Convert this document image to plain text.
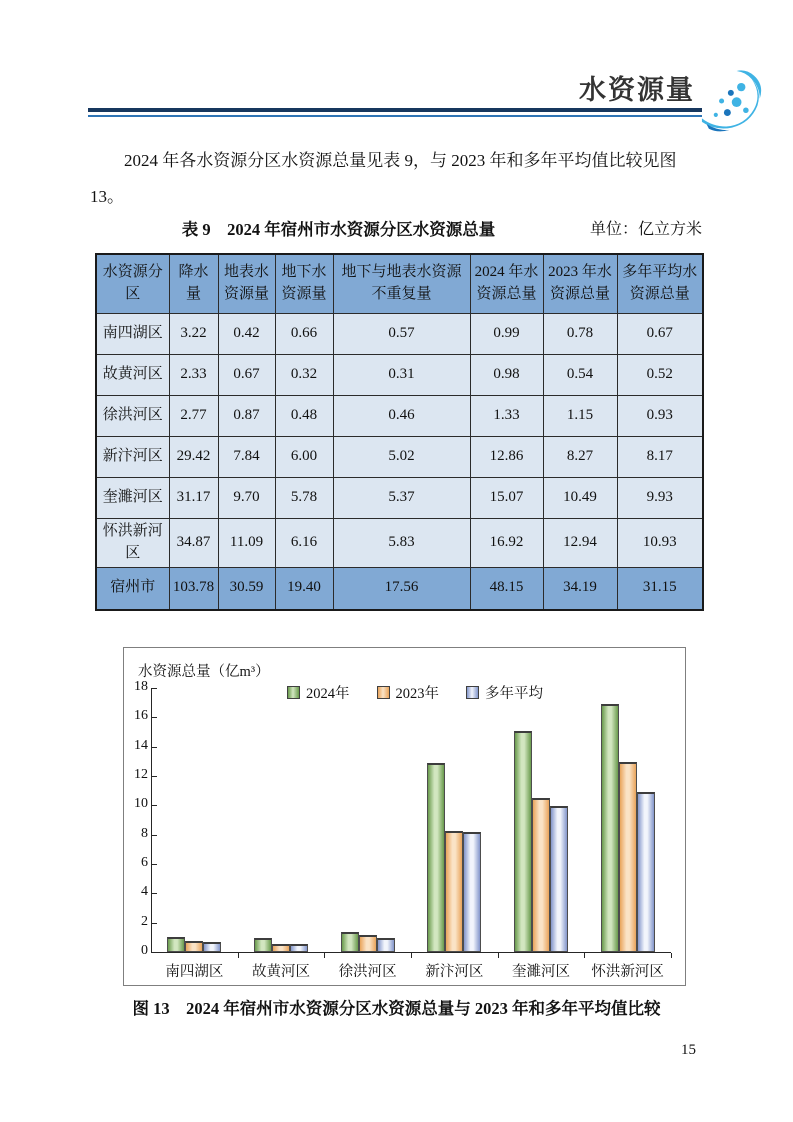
水资源量
2024 年各水资源分区水资源总量见表 9，与 2023 年和多年平均值比较见图
13。
表 9　2024 年宿州市水资源分区水资源总量	单位：亿立方米
水资源分区	降水量	地表水资源量	地下水资源量	地下与地表水资源不重复量	2024 年水资源总量	2023 年水资源总量	多年平均水资源总量
南四湖区	3.22	0.42	0.66	0.57	0.99	0.78	0.67
故黄河区	2.33	0.67	0.32	0.31	0.98	0.54	0.52
徐洪河区	2.77	0.87	0.48	0.46	1.33	1.15	0.93
新汴河区	29.42	7.84	6.00	5.02	12.86	8.27	8.17
奎濉河区	31.17	9.70	5.78	5.37	15.07	10.49	9.93
怀洪新河区	34.87	11.09	6.16	5.83	16.92	12.94	10.93
宿州市	103.78	30.59	19.40	17.56	48.15	34.19	31.15
水资源总量（亿m³）
2024年	2023年	多年平均
0
2
4
6
8
10
12
14
16
18
南四湖区	故黄河区	徐洪河区	新汴河区	奎濉河区	怀洪新河区
图 13　2024 年宿州市水资源分区水资源总量与 2023 年和多年平均值比较
15
